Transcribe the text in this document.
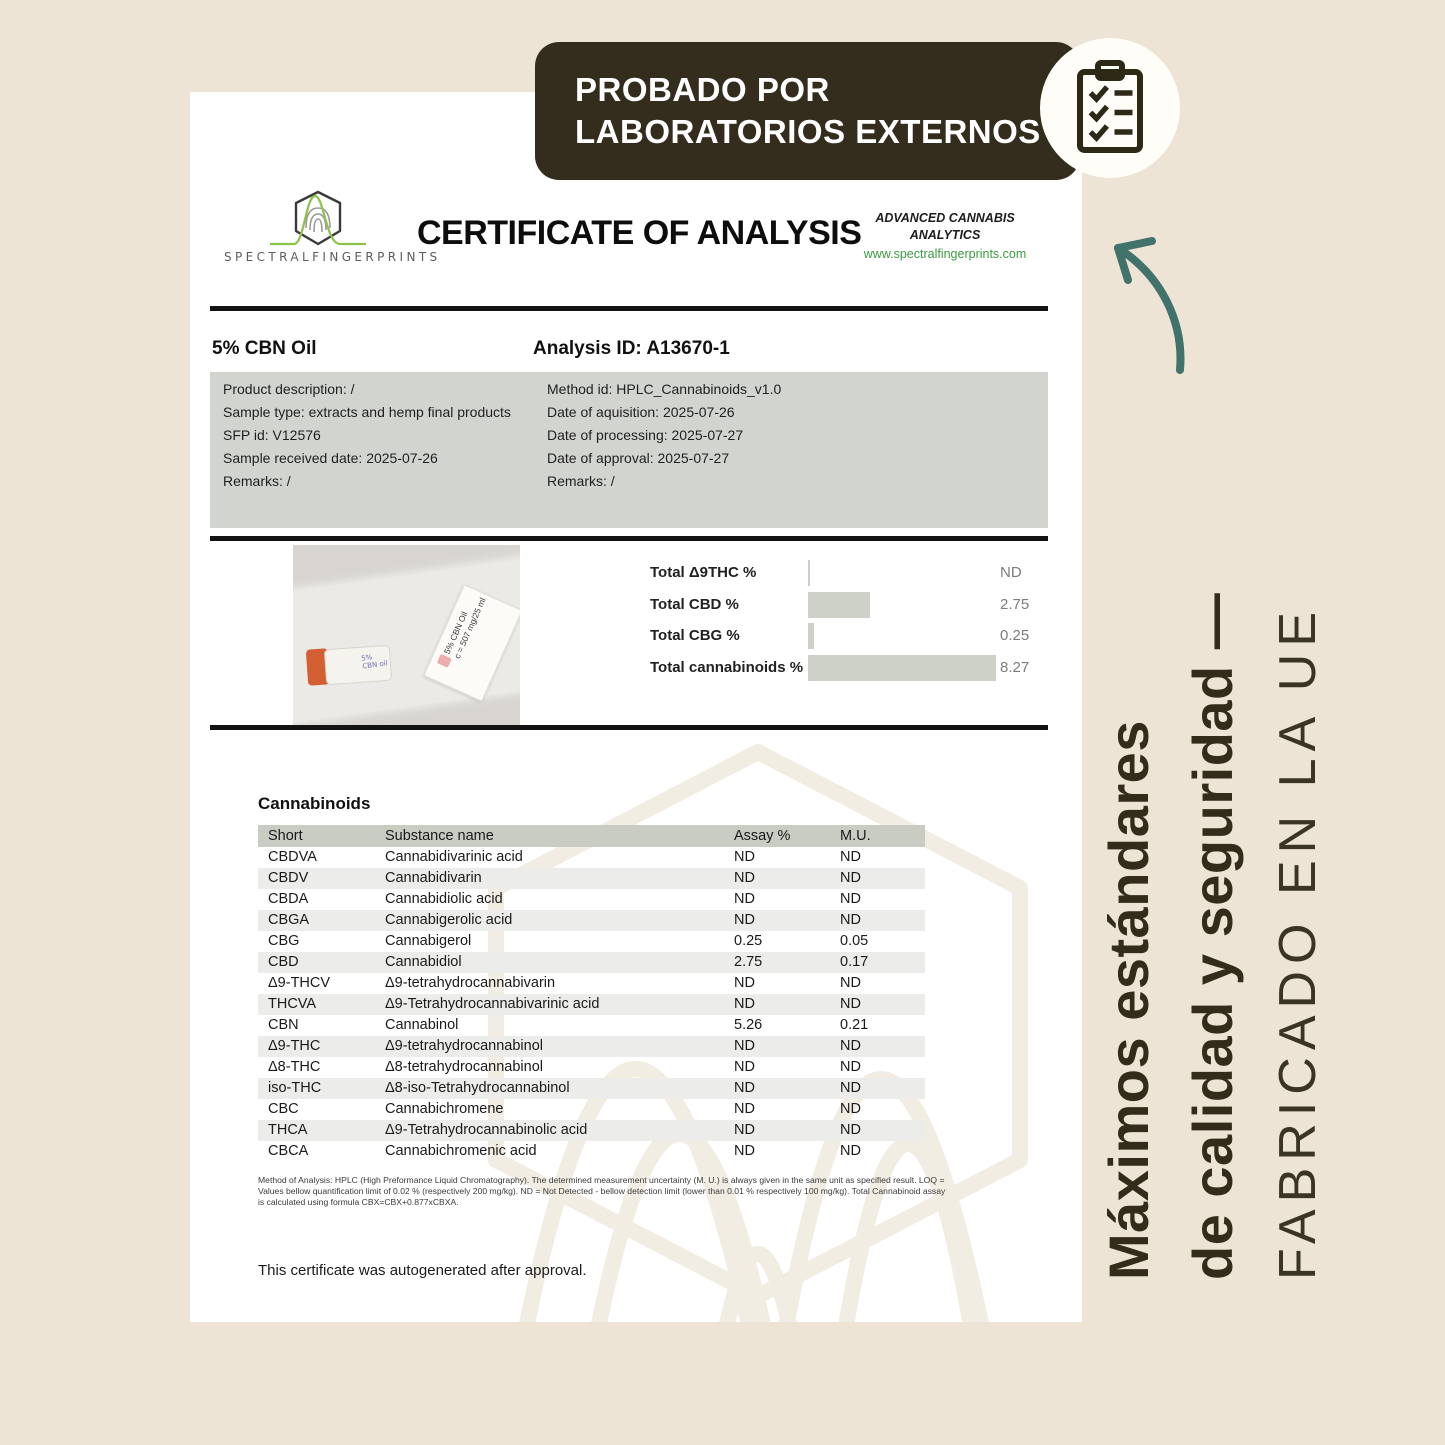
PROBADO POR
LABORATORIOS EXTERNOS
Máximos estándares de calidad y seguridad — FABRICADO EN LA UE
SPECTRALFINGERPRINTS
CERTIFICATE OF ANALYSIS	ADVANCED CANNABIS ANALYTICS
www.spectralfingerprints.com
5% CBN Oil	Analysis ID: A13670-1
Product description: /
Sample type: extracts and hemp final products
SFP id: V12576
Sample received date: 2025-07-26
Remarks: /
Method id: HPLC_Cannabinoids_v1.0
Date of aquisition: 2025-07-26
Date of processing: 2025-07-27
Date of approval: 2025-07-27
Remarks: /
5% CBN oil
5% CBN Oil
c = 507 mg/25 ml
Total Δ9THC %	ND
Total CBD %	2.75
Total CBG %	0.25
Total cannabinoids %	8.27
Cannabinoids
Short	Substance name	Assay %	M.U.
CBDVA	Cannabidivarinic acid	ND	ND
CBDV	Cannabidivarin	ND	ND
CBDA	Cannabidiolic acid	ND	ND
CBGA	Cannabigerolic acid	ND	ND
CBG	Cannabigerol	0.25	0.05
CBD	Cannabidiol	2.75	0.17
Δ9-THCV	Δ9-tetrahydrocannabivarin	ND	ND
THCVA	Δ9-Tetrahydrocannabivarinic acid	ND	ND
CBN	Cannabinol	5.26	0.21
Δ9-THC	Δ9-tetrahydrocannabinol	ND	ND
Δ8-THC	Δ8-tetrahydrocannabinol	ND	ND
iso-THC	Δ8-iso-Tetrahydrocannabinol	ND	ND
CBC	Cannabichromene	ND	ND
THCA	Δ9-Tetrahydrocannabinolic acid	ND	ND
CBCA	Cannabichromenic acid	ND	ND
Method of Analysis: HPLC (High Preformance Liquid Chromatography). The determined measurement uncertainty (M. U.) is always given in the same unit as specified result. LOQ = Values bellow quantification limit of 0.02 % (respectively 200 mg/kg). ND = Not Detected - bellow detection limit (lower than 0.01 % respectively 100 mg/kg). Total Cannabinoid assay is calculated using formula CBX=CBX+0.877xCBXA.
This certificate was autogenerated after approval.
